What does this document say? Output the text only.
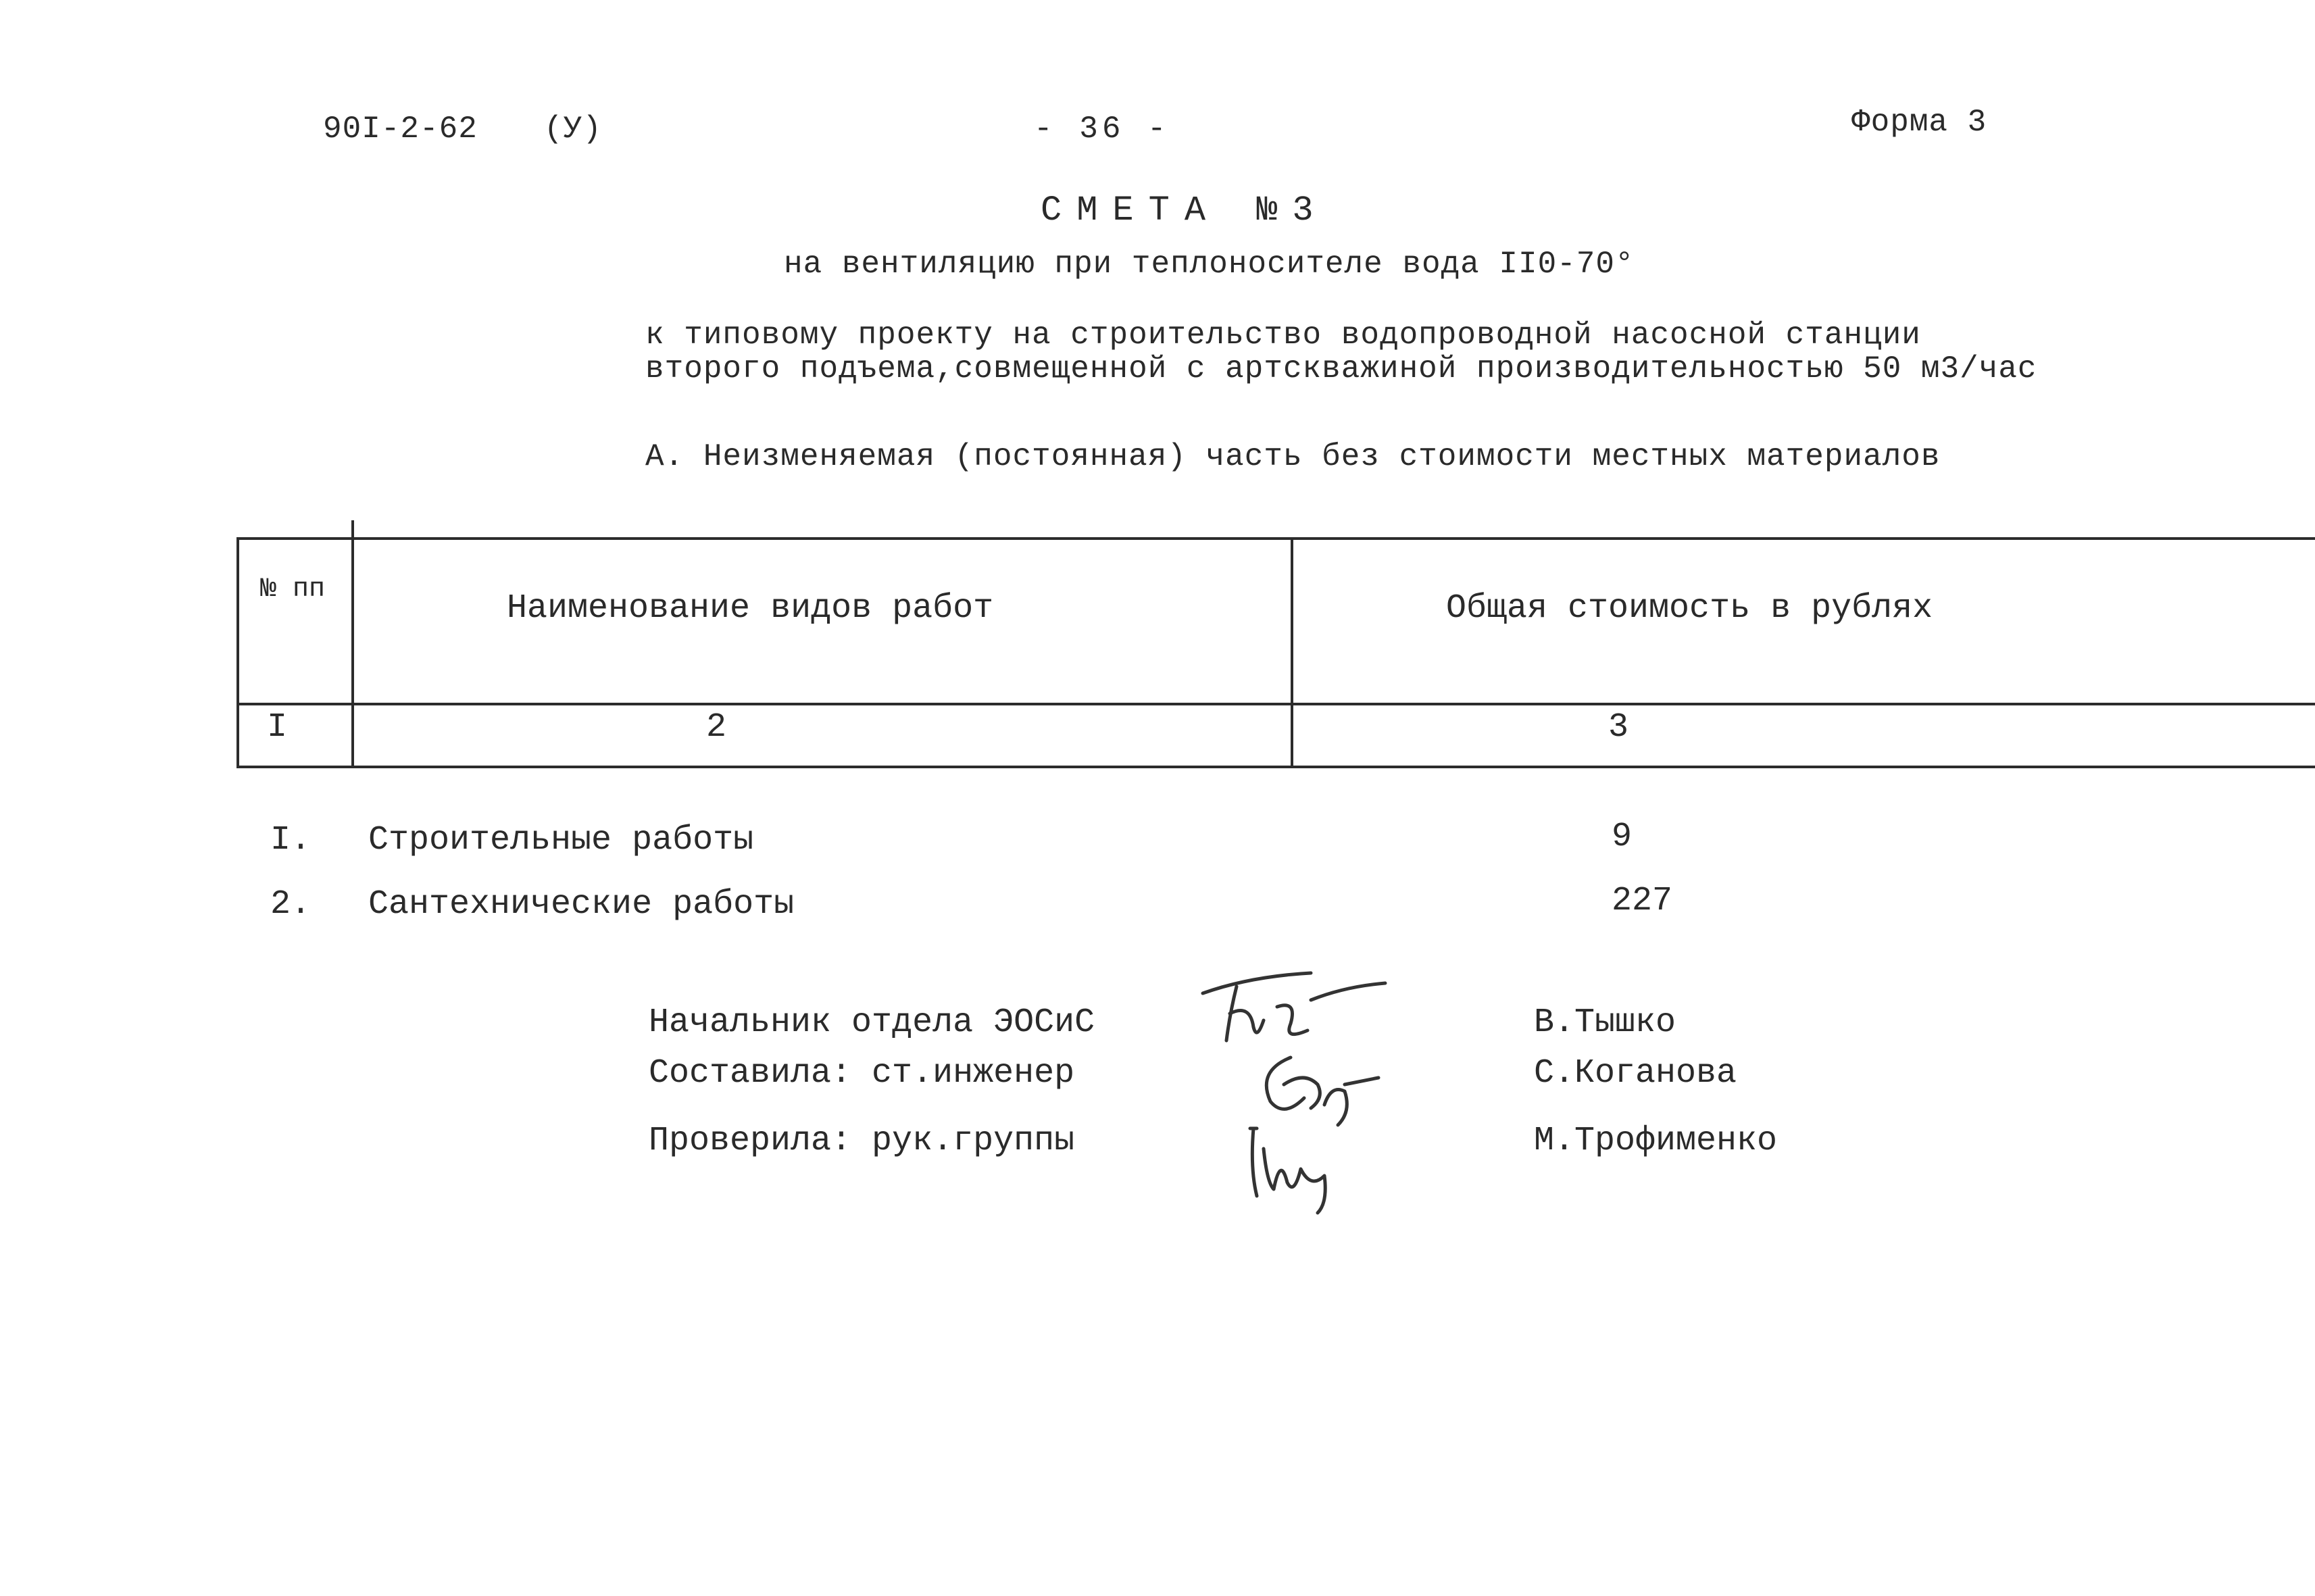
90I-2-62 (У)	- 36 -	Форма 3
СМЕТА №3
на вентиляцию при теплоносителе вода II0-70°
к типовому проекту на строительство водопроводной насосной станции
второго подъема,совмещенной с артскважиной производительностью 50 м3/час
А. Неизменяемая (постоянная) часть без стоимости местных материалов
№ пп	Наименование видов работ	Общая стоимость в рублях
I	2	3
I. Строительные работы	9
2. Сантехнические работы	227
Начальник отдела ЭОСиС	В.Тышко
Составила: ст.инженер	С.Коганова
Проверила: рук.группы	М.Трофименко
